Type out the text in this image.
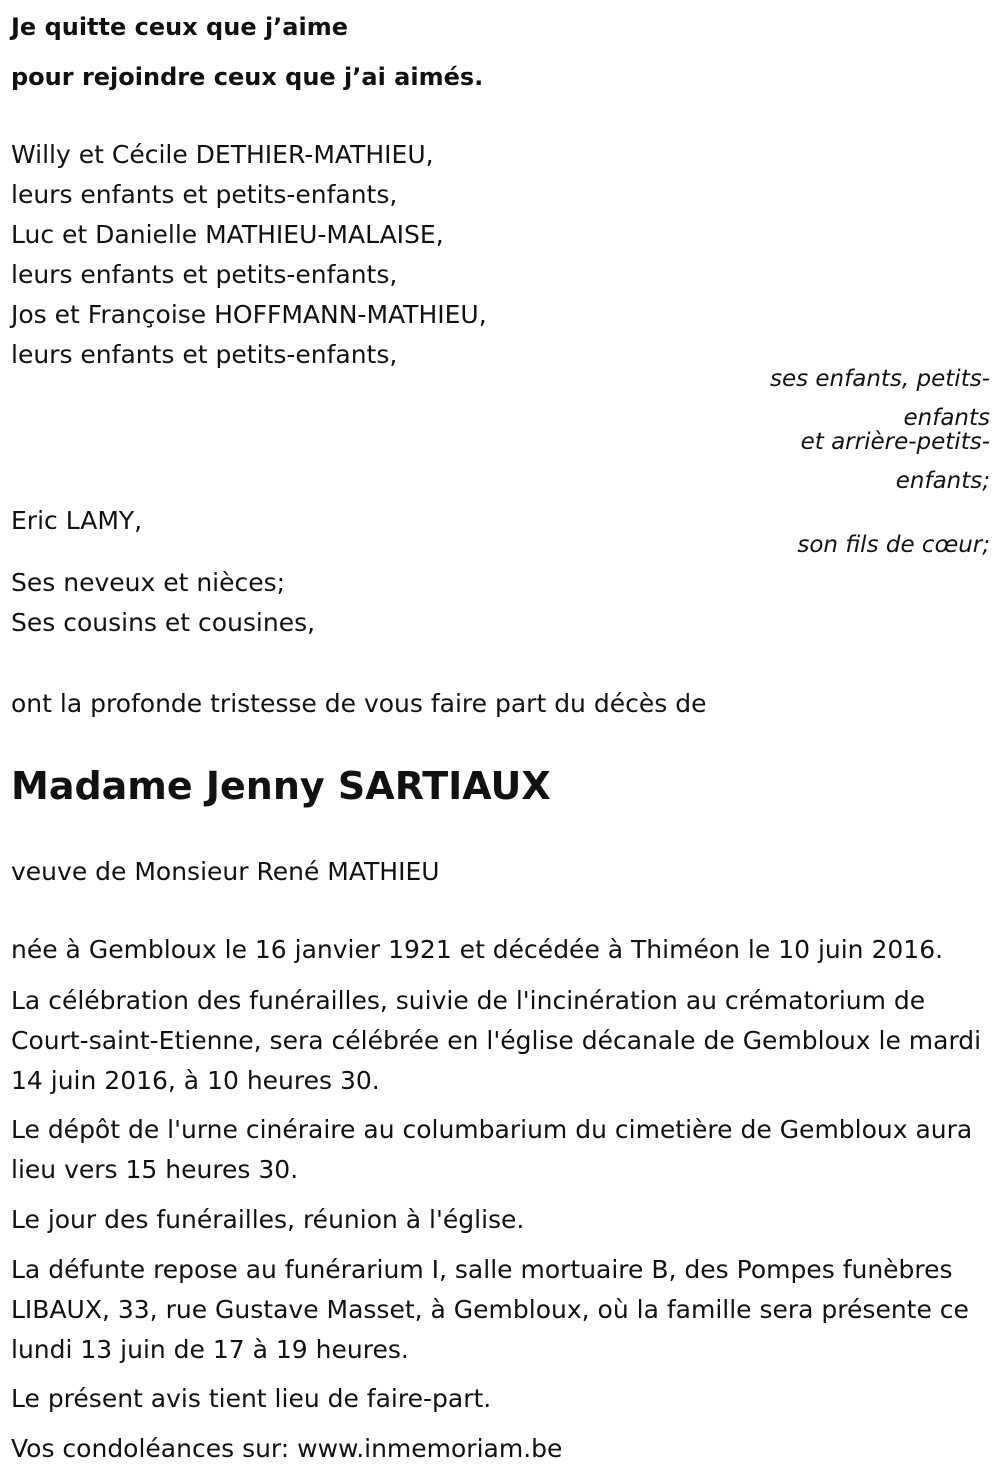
Je quitte ceux que j’aime
pour rejoindre ceux que j’ai aimés.
Willy et Cécile DETHIER-MATHIEU,
leurs enfants et petits-enfants,
Luc et Danielle MATHIEU-MALAISE,
leurs enfants et petits-enfants,
Jos et Françoise HOFFMANN-MATHIEU,
leurs enfants et petits-enfants,
ses enfants, petits-
enfants
et arrière-petits-
enfants;
Eric LAMY,
son fils de cœur;
Ses neveux et nièces;
Ses cousins et cousines,
ont la profonde tristesse de vous faire part du décès de
Madame Jenny SARTIAUX
veuve de Monsieur René MATHIEU
née à Gembloux le 16 janvier 1921 et décédée à Thiméon le 10 juin 2016.
La célébration des funérailles, suivie de l'incinération au crématorium de Court-saint-Etienne, sera célébrée en l'église décanale de Gembloux le mardi 14 juin 2016, à 10 heures 30.
Le dépôt de l'urne cinéraire au columbarium du cimetière de Gembloux aura lieu vers 15 heures 30.
Le jour des funérailles, réunion à l'église.
La défunte repose au funérarium I, salle mortuaire B, des Pompes funèbres LIBAUX, 33, rue Gustave Masset, à Gembloux, où la famille sera présente ce lundi 13 juin de 17 à 19 heures.
Le présent avis tient lieu de faire-part.
Vos condoléances sur: www.inmemoriam.be
